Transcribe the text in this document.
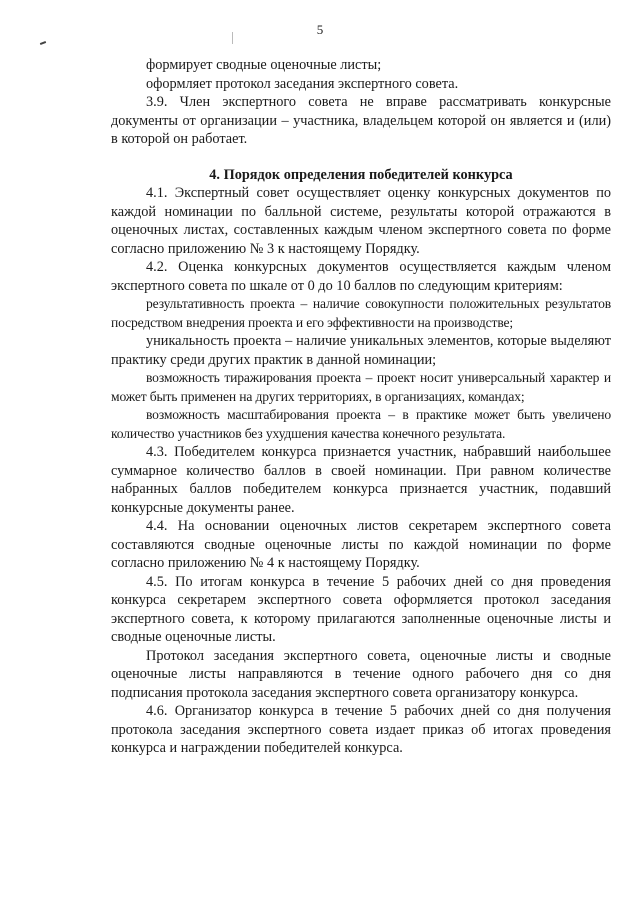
5

формирует сводные оценочные листы;

оформляет протокол заседания экспертного совета.

3.9. Член экспертного совета не вправе рассматривать конкурсные документы от организации – участника, владельцем которой он является и (или) в которой он работает.

4. Порядок определения победителей конкурса

4.1. Экспертный совет осуществляет оценку конкурсных документов по каждой номинации по балльной системе, результаты которой отражаются в оценочных листах, составленных каждым членом экспертного совета по форме согласно приложению № 3 к настоящему Порядку.

4.2. Оценка конкурсных документов осуществляется каждым членом экспертного совета по шкале от 0 до 10 баллов по следующим критериям:

результативность проекта – наличие совокупности положительных результатов посредством внедрения проекта и его эффективности на производстве;

уникальность проекта – наличие уникальных элементов, которые выделяют практику среди других практик в данной номинации;

возможность тиражирования проекта – проект носит универсальный характер и может быть применен на других территориях, в организациях, командах;

возможность масштабирования проекта – в практике может быть увеличено количество участников без ухудшения качества конечного результата.

4.3. Победителем конкурса признается участник, набравший наибольшее суммарное количество баллов в своей номинации. При равном количестве набранных баллов победителем конкурса признается участник, подавший конкурсные документы ранее.

4.4. На основании оценочных листов секретарем экспертного совета составляются сводные оценочные листы по каждой номинации по форме согласно приложению № 4 к настоящему Порядку.

4.5. По итогам конкурса в течение 5 рабочих дней со дня проведения конкурса секретарем экспертного совета оформляется протокол заседания экспертного совета, к которому прилагаются заполненные оценочные листы и сводные оценочные листы.

Протокол заседания экспертного совета, оценочные листы и сводные оценочные листы направляются в течение одного рабочего дня со дня подписания протокола заседания экспертного совета организатору конкурса.

4.6. Организатор конкурса в течение 5 рабочих дней со дня получения протокола заседания экспертного совета издает приказ об итогах проведения конкурса и награждении победителей конкурса.
